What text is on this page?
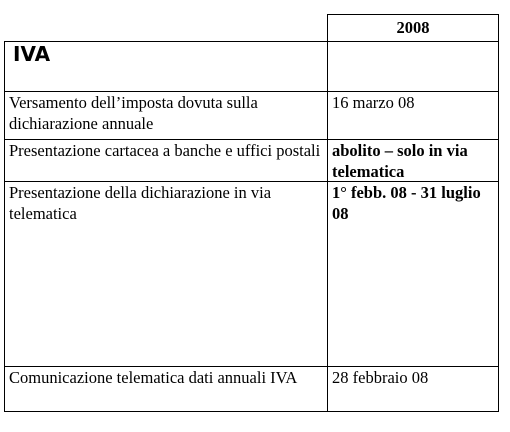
2008
IVA
Versamento dell’imposta dovuta sulla dichiarazione annuale
16 marzo 08
Presentazione cartacea a banche e uffici postali abolito – solo in via telematica
Presentazione della dichiarazione in via telematica
1° febb. 08 - 31 luglio 08
Comunicazione telematica dati annuali IVA	28 febbraio 08
